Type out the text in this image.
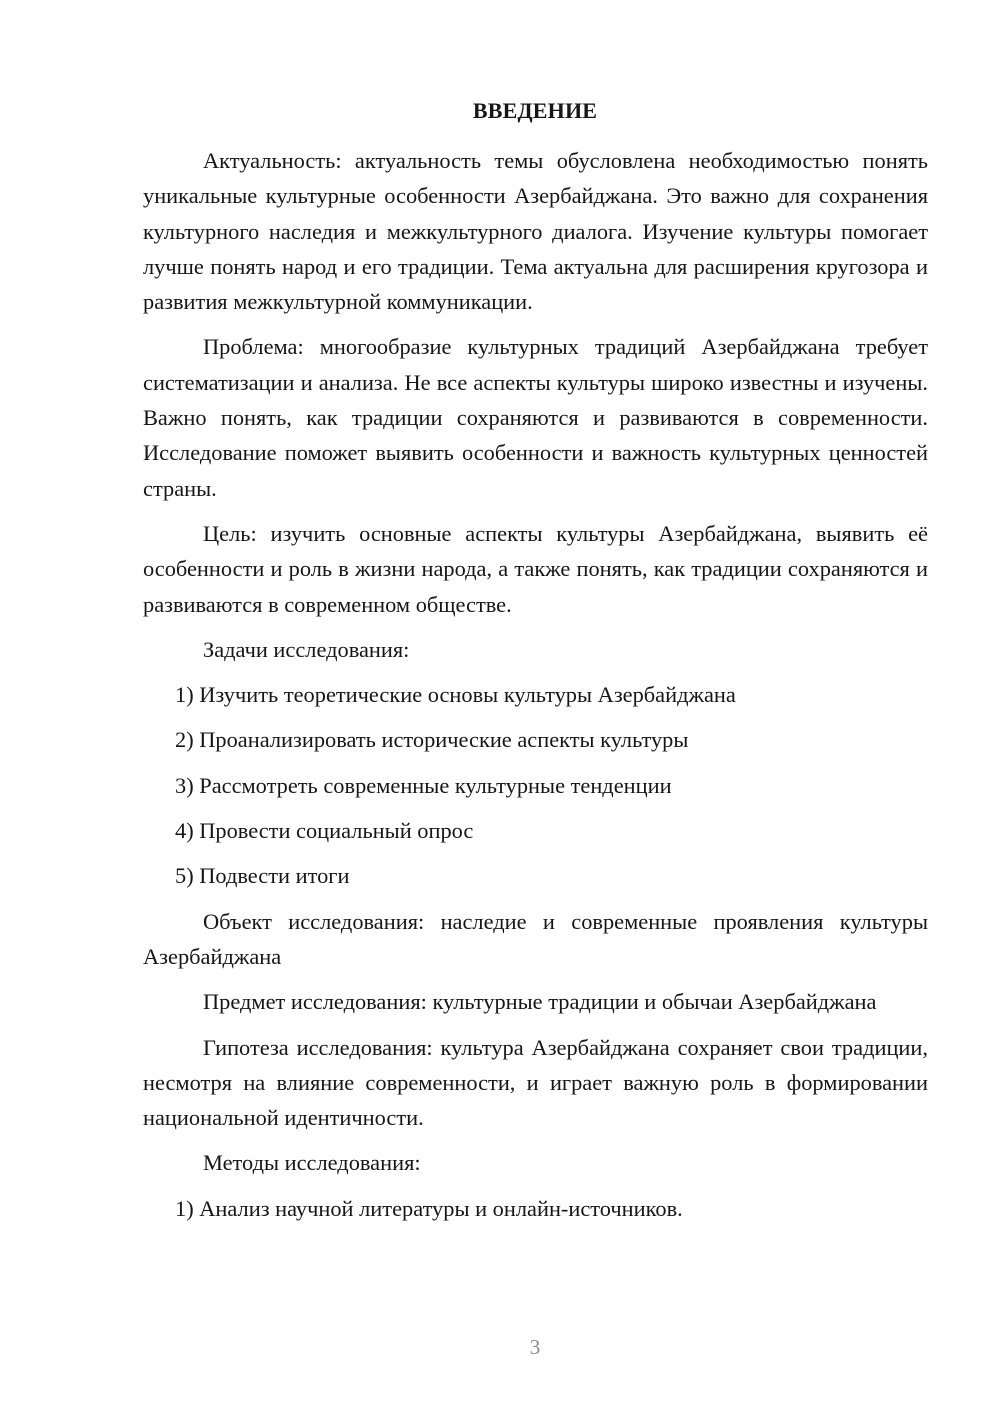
ВВЕДЕНИЕ

Актуальность: актуальность темы обусловлена необходимостью понять уникальные культурные особенности Азербайджана. Это важно для сохранения культурного наследия и межкультурного диалога. Изучение культуры помогает лучше понять народ и его традиции. Тема актуальна для расширения кругозора и развития межкультурной коммуникации.

Проблема: многообразие культурных традиций Азербайджана требует систематизации и анализа. Не все аспекты культуры широко известны и изучены. Важно понять, как традиции сохраняются и развиваются в современности. Исследование поможет выявить особенности и важность культурных ценностей страны.

Цель: изучить основные аспекты культуры Азербайджана, выявить её особенности и роль в жизни народа, а также понять, как традиции сохраняются и развиваются в современном обществе.

Задачи исследования:

1) Изучить теоретические основы культуры Азербайджана

2) Проанализировать исторические аспекты культуры

3) Рассмотреть современные культурные тенденции

4) Провести социальный опрос

5) Подвести итоги

Объект исследования: наследие и современные проявления культуры Азербайджана

Предмет исследования: культурные традиции и обычаи Азербайджана

Гипотеза исследования: культура Азербайджана сохраняет свои традиции, несмотря на влияние современности, и играет важную роль в формировании национальной идентичности.

Методы исследования:

1) Анализ научной литературы и онлайн-источников.

3
